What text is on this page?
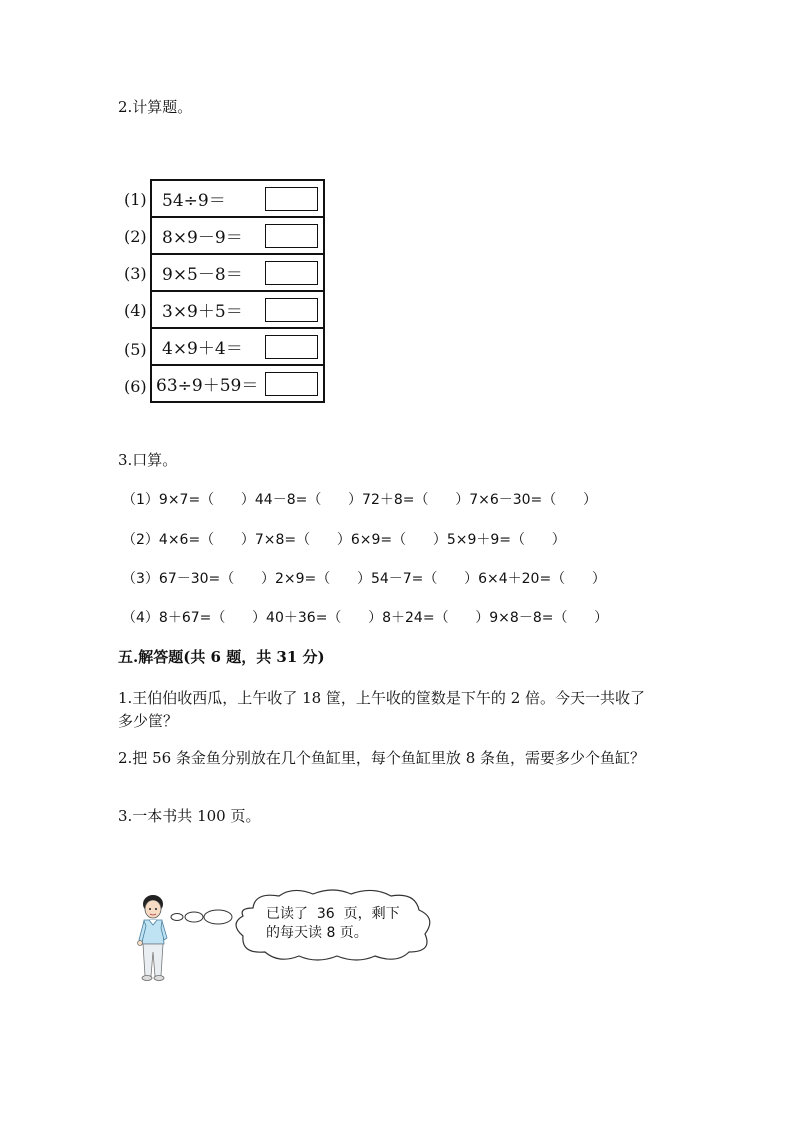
2.计算题。
(1)
(2)
(3)
(4)
(5)
(6)
54÷9＝
8×9－9＝
9×5－8＝
3×9＋5＝
4×9＋4＝
63÷9＋59＝
3.口算。
（1）9×7=（      ）44－8=（      ）72＋8=（      ）7×6－30=（      ）
（2）4×6=（      ）7×8=（      ）6×9=（      ）5×9＋9=（      ）
（3）67－30=（      ）2×9=（      ）54－7=（      ）6×4＋20=（      ）
（4）8＋67=（      ）40＋36=（      ）8＋24=（      ）9×8－8=（      ）
五.解答题(共 6 题，共 31 分)
1.王伯伯收西瓜，上午收了 18 筐，上午收的筐数是下午的 2 倍。今天一共收了
多少筐？
2.把 56 条金鱼分别放在几个鱼缸里，每个鱼缸里放 8 条鱼，需要多少个鱼缸？
3.一本书共 100 页。
已读了  36  页，剩下
的每天读 8 页。
